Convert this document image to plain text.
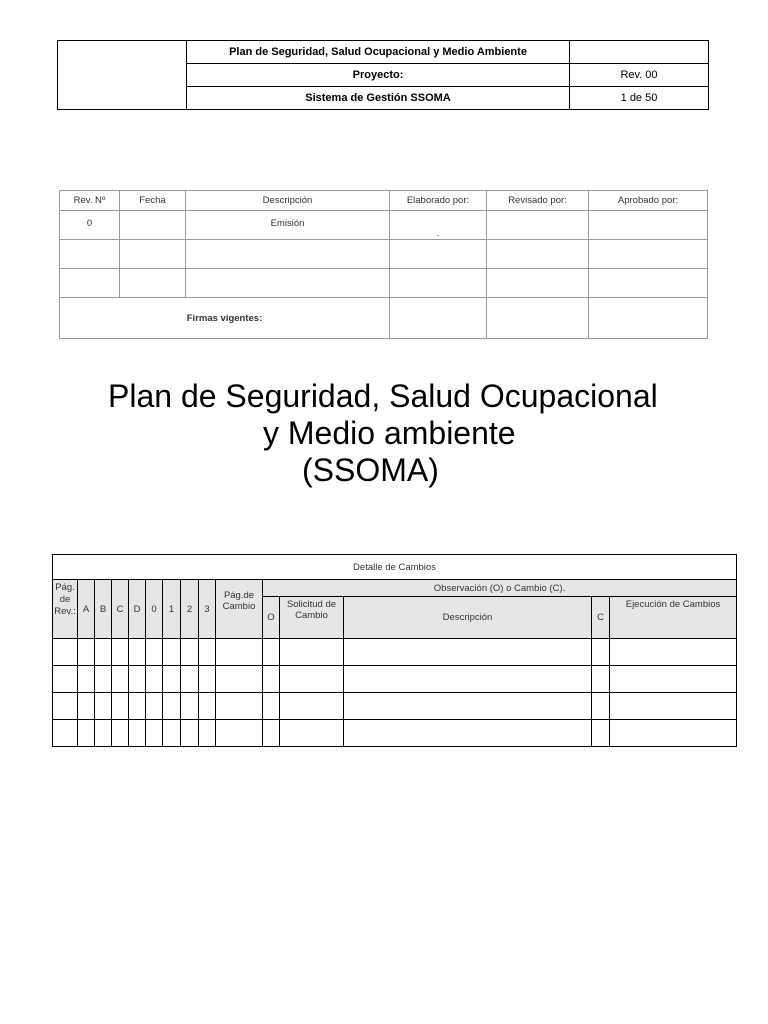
	Plan de Seguridad, Salud Ocupacional y Medio Ambiente	
	Proyecto:	Rev. 00
	Sistema de Gestión SSOMA	1 de 50
Rev. Nº	Fecha	Descripción	Elaborado por:	Revisado por:	Aprobado por:
0		Emisión	.		

Firmas vigentes:					
Plan de Seguridad, Salud Ocupacional
y Medio ambiente
(SSOMA)
Detalle de Cambios														
Pág. de Rev.:	A	B	C	D	0	1	2	3	Pág.de Cambio	Observación (O) o Cambio (C).				
										O	Solicitud de Cambio	Descripción	C	Ejecución de Cambios
